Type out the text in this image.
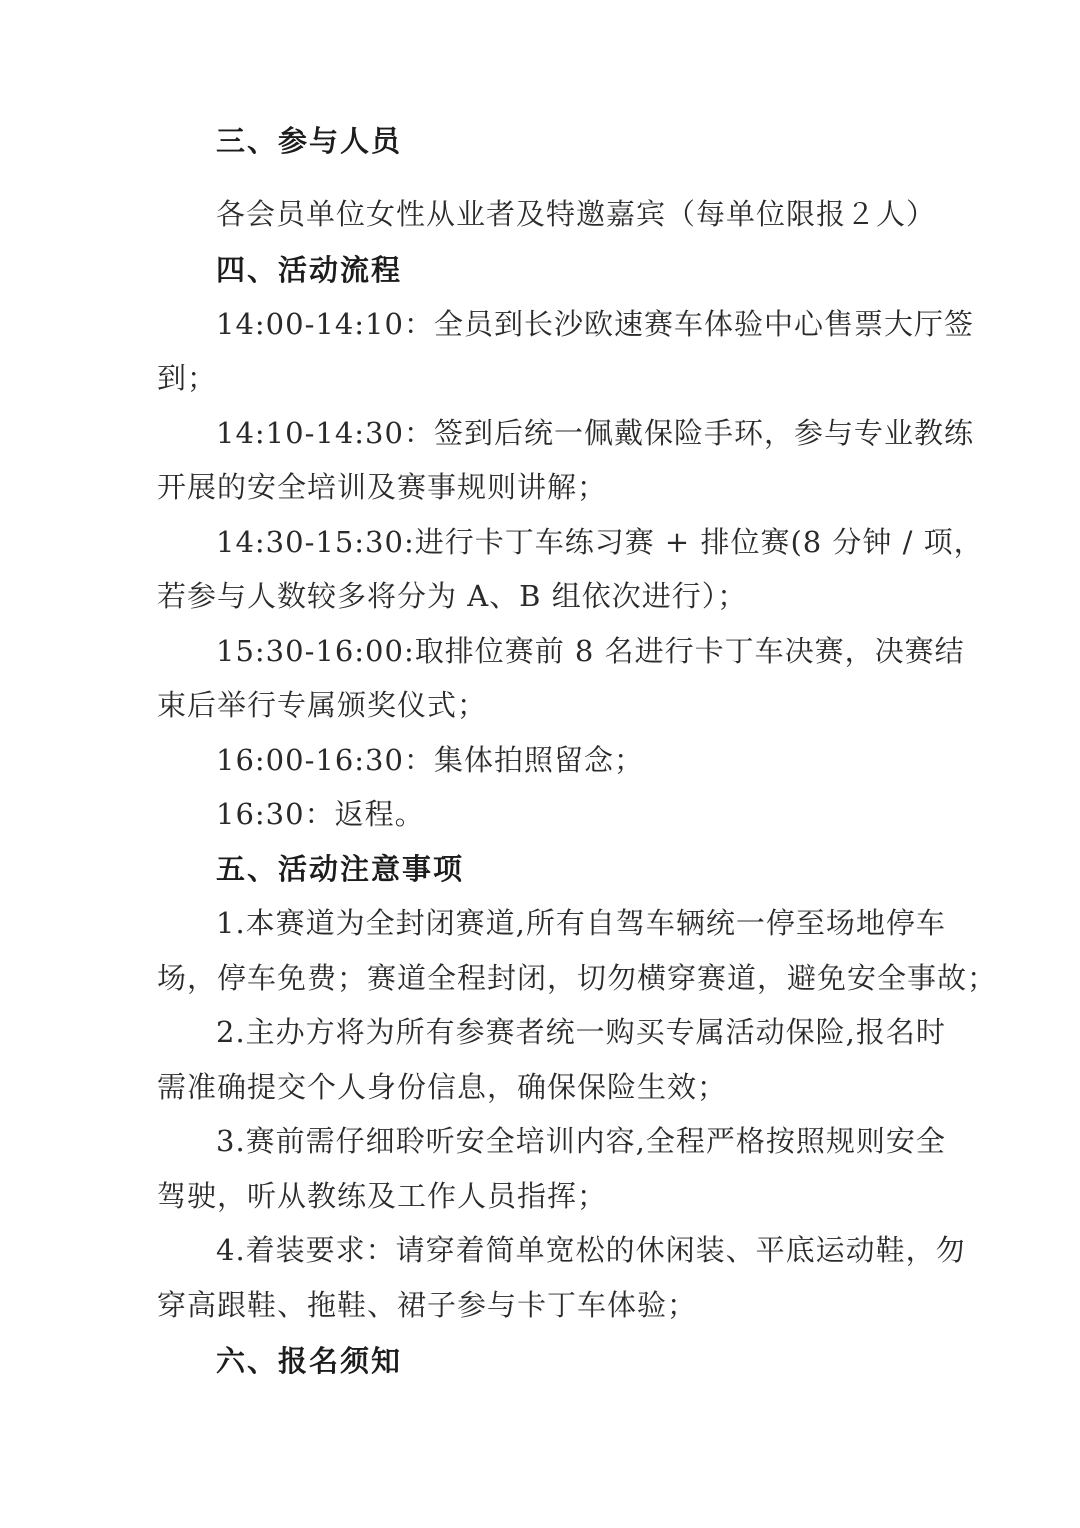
三、参与人员
各会员单位女性从业者及特邀嘉宾（每单位限报２人）
四、活动流程
14:00-14:10：全员到长沙欧速赛车体验中心售票大厅签
到；
14:10-14:30：签到后统一佩戴保险手环，参与专业教练
开展的安全培训及赛事规则讲解；
14:30-15:30:进行卡丁车练习赛 + 排位赛(8 分钟 / 项，
若参与人数较多将分为 A、B 组依次进行）；
15:30-16:00:取排位赛前 8 名进行卡丁车决赛，决赛结
束后举行专属颁奖仪式；
16:00-16:30：集体拍照留念；
16:30：返程。
五、活动注意事项
1.本赛道为全封闭赛道,所有自驾车辆统一停至场地停车
场，停车免费；赛道全程封闭，切勿横穿赛道，避免安全事故；
2.主办方将为所有参赛者统一购买专属活动保险,报名时
需准确提交个人身份信息，确保保险生效；
3.赛前需仔细聆听安全培训内容,全程严格按照规则安全
驾驶，听从教练及工作人员指挥；
4.着装要求：请穿着简单宽松的休闲装、平底运动鞋，勿
穿高跟鞋、拖鞋、裙子参与卡丁车体验；
六、报名须知
